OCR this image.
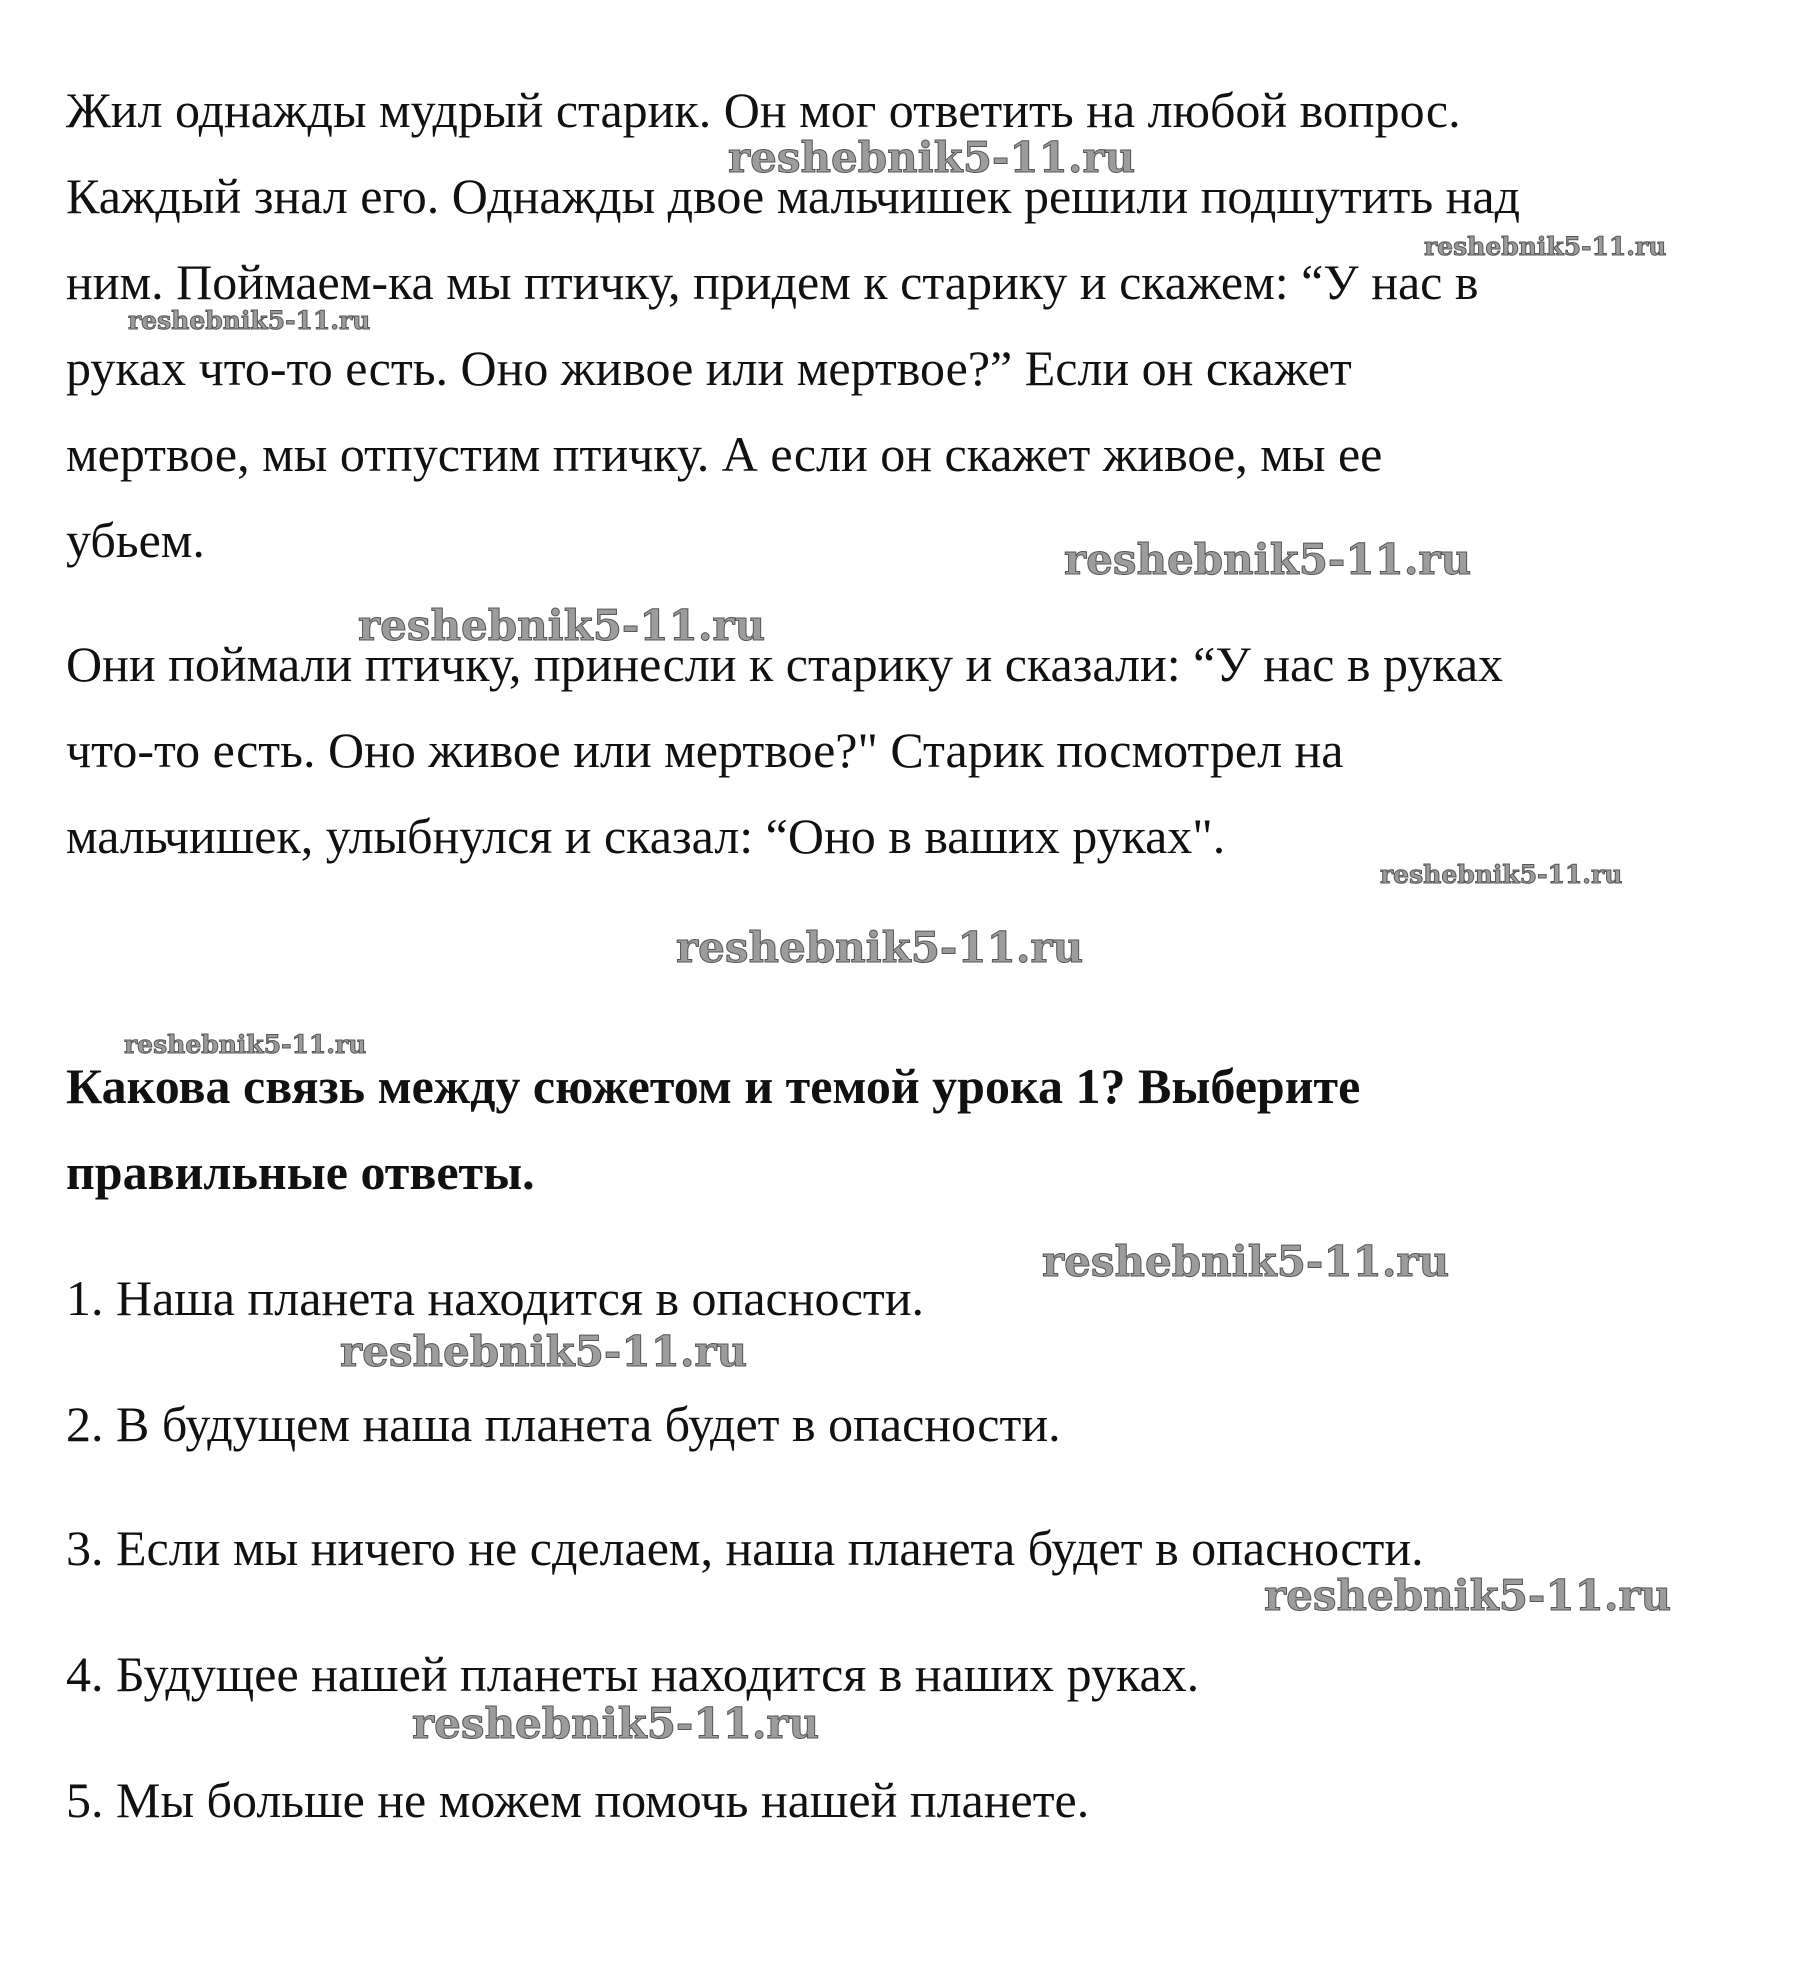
Жил однажды мудрый старик. Он мог ответить на любой вопрос.

Каждый знал его. Однажды двое мальчишек решили подшутить над

ним. Поймаем-ка мы птичку, придем к старику и скажем: “У нас в

руках что-то есть. Оно живое или мертвое?” Если он скажет

мертвое, мы отпустим птичку. А если он скажет живое, мы ее

убьем.

Они поймали птичку, принесли к старику и сказали: “У нас в руках

что-то есть. Оно живое или мертвое?" Старик посмотрел на

мальчишек, улыбнулся и сказал: “Оно в ваших руках".

Какова связь между сюжетом и темой урока 1? Выберите

правильные ответы.

1. Наша планета находится в опасности.

2. В будущем наша планета будет в опасности.

3. Если мы ничего не сделаем, наша планета будет в опасности.

4. Будущее нашей планеты находится в наших руках.

5. Мы больше не можем помочь нашей планете.

reshebnik5-11.ru
reshebnik5-11.ru
reshebnik5-11.ru
reshebnik5-11.ru
reshebnik5-11.ru
reshebnik5-11.ru
reshebnik5-11.ru
reshebnik5-11.ru
reshebnik5-11.ru
reshebnik5-11.ru
reshebnik5-11.ru
reshebnik5-11.ru
